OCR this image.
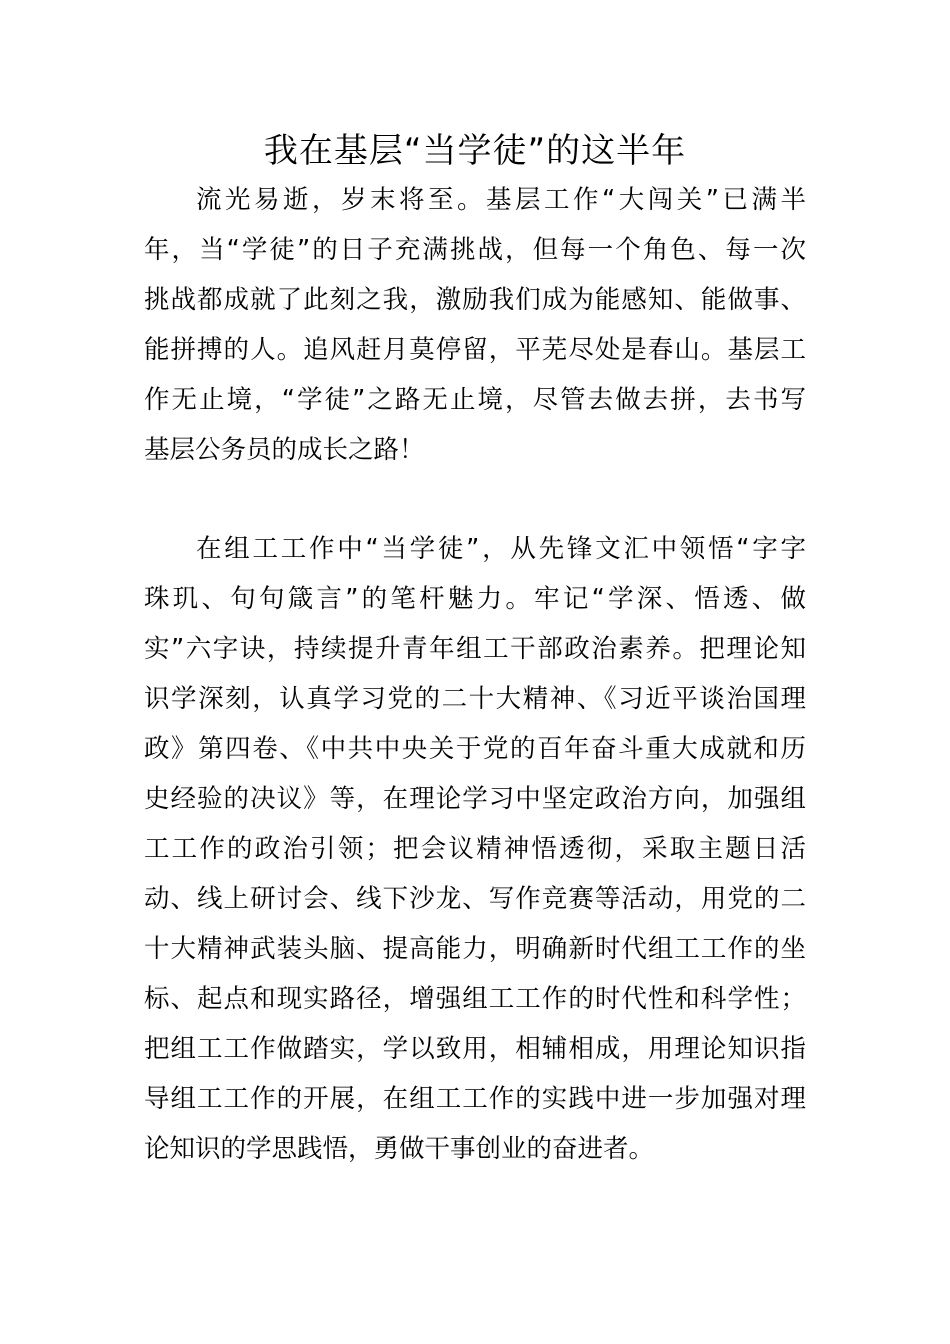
我在基层“当学徒”的这半年
流光易逝，岁末将至。基层工作“大闯关”已满半
年，当“学徒”的日子充满挑战，但每一个角色、每一次
挑战都成就了此刻之我，激励我们成为能感知、能做事、
能拼搏的人。追风赶月莫停留，平芜尽处是春山。基层工
作无止境，“学徒”之路无止境，尽管去做去拼，去书写
基层公务员的成长之路！
在组工工作中“当学徒”，从先锋文汇中领悟“字字
珠玑、句句箴言”的笔杆魅力。牢记“学深、悟透、做
实”六字诀，持续提升青年组工干部政治素养。把理论知
识学深刻，认真学习党的二十大精神、《习近平谈治国理
政》第四卷、《中共中央关于党的百年奋斗重大成就和历
史经验的决议》等，在理论学习中坚定政治方向，加强组
工工作的政治引领；把会议精神悟透彻，采取主题日活
动、线上研讨会、线下沙龙、写作竞赛等活动，用党的二
十大精神武装头脑、提高能力，明确新时代组工工作的坐
标、起点和现实路径，增强组工工作的时代性和科学性；
把组工工作做踏实，学以致用，相辅相成，用理论知识指
导组工工作的开展，在组工工作的实践中进一步加强对理
论知识的学思践悟，勇做干事创业的奋进者。
